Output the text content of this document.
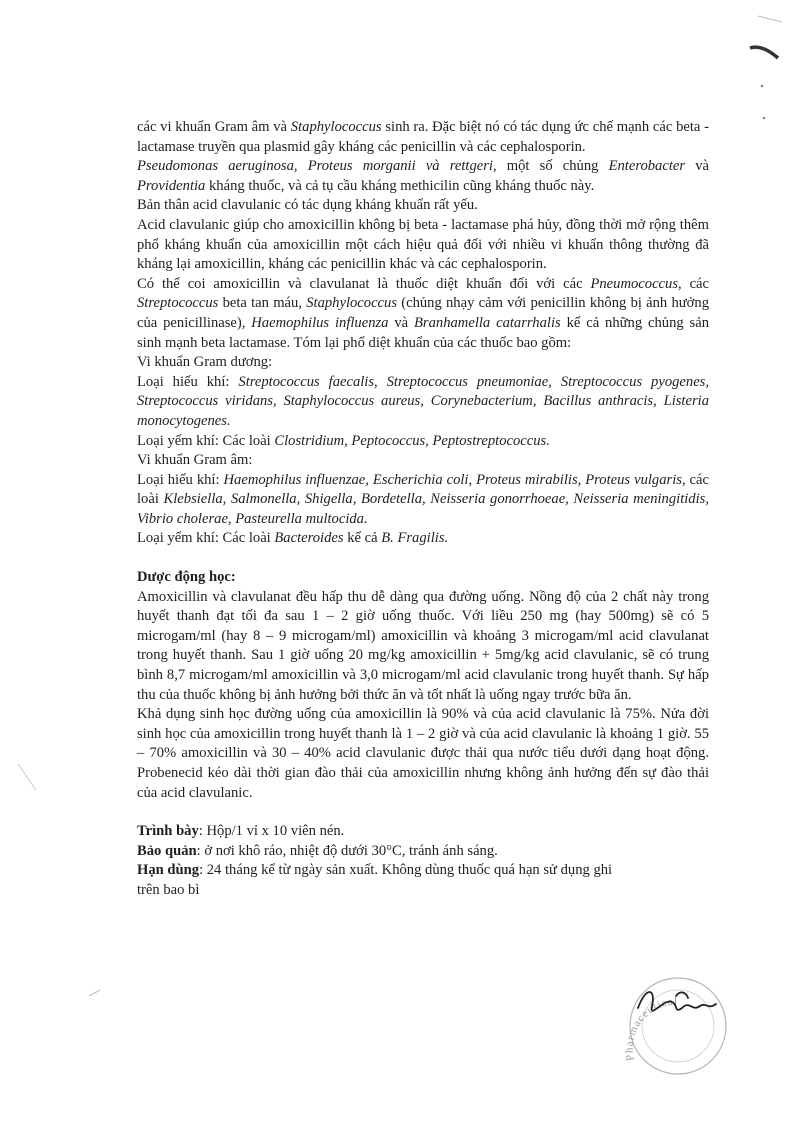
các vi khuẩn Gram âm và Staphylococcus sinh ra. Đặc biệt nó có tác dụng ức chế mạnh các beta - lactamase truyền qua plasmid gây kháng các penicillin và các cephalosporin.

Pseudomonas aeruginosa, Proteus morganii và rettgeri, một số chủng Enterobacter và Providentia kháng thuốc, và cả tụ cầu kháng methicilin cũng kháng thuốc này.

Bản thân acid clavulanic có tác dụng kháng khuẩn rất yếu.

Acid clavulanic giúp cho amoxicillin không bị beta - lactamase phá hủy, đồng thời mở rộng thêm phổ kháng khuẩn của amoxicillin một cách hiệu quả đối với nhiều vi khuẩn thông thường đã kháng lại amoxicillin, kháng các penicillin khác và các cephalosporin.

Có thể coi amoxicillin và clavulanat là thuốc diệt khuẩn đối với các Pneumococcus, các Streptococcus beta tan máu, Staphylococcus (chủng nhạy cảm với penicillin không bị ảnh hưởng của penicillinase), Haemophilus influenza và Branhamella catarrhalis kể cả những chủng sản sinh mạnh beta lactamase. Tóm lại phổ diệt khuẩn của các thuốc bao gồm:

Vi khuẩn Gram dương:

Loại hiếu khí: Streptococcus faecalis, Streptococcus pneumoniae, Streptococcus pyogenes, Streptococcus viridans, Staphylococcus aureus, Corynebacterium, Bacillus anthracis, Listeria monocytogenes.

Loại yếm khí: Các loài Clostridium, Peptococcus, Peptostreptococcus.

Vi khuẩn Gram âm:

Loại hiếu khí: Haemophilus influenzae, Escherichia coli, Proteus mirabilis, Proteus vulgaris, các loài Klebsiella, Salmonella, Shigella, Bordetella, Neisseria gonorrhoeae, Neisseria meningitidis, Vibrio cholerae, Pasteurella multocida.

Loại yếm khí: Các loài Bacteroides kể cả B. Fragilis.

Dược động học:

Amoxicillin và clavulanat đều hấp thu dễ dàng qua đường uống. Nồng độ của 2 chất này trong huyết thanh đạt tối đa sau 1 – 2 giờ uống thuốc. Với liều 250 mg (hay 500mg) sẽ có 5 microgam/ml (hay 8 – 9 microgam/ml) amoxicillin và khoảng 3 microgam/ml acid clavulanat trong huyết thanh. Sau 1 giờ uống 20 mg/kg amoxicillin + 5mg/kg acid clavulanic, sẽ có trung bình 8,7 microgam/ml amoxicillin và 3,0 microgam/ml acid clavulanic trong huyết thanh. Sự hấp thu của thuốc không bị ảnh hưởng bởi thức ăn và tốt nhất là uống ngay trước bữa ăn.

Khả dụng sinh học đường uống của amoxicillin là 90% và của acid clavulanic là 75%. Nửa đời sinh học của amoxicillin trong huyết thanh là 1 – 2 giờ và của acid clavulanic là khoảng 1 giờ. 55 – 70% amoxicillin và 30 – 40% acid clavulanic được thải qua nước tiểu dưới dạng hoạt động. Probenecid kéo dài thời gian đào thải của amoxicillin nhưng không ảnh hưởng đến sự đào thải của acid clavulanic.

Trình bày: Hộp/1 vỉ x 10 viên nén.

Bảo quản: ở nơi khô ráo, nhiệt độ dưới 30°C, tránh ánh sáng.

Hạn dùng: 24 tháng kể từ ngày sản xuất. Không dùng thuốc quá hạn sử dụng ghi trên bao bì

Pharmaceutical
